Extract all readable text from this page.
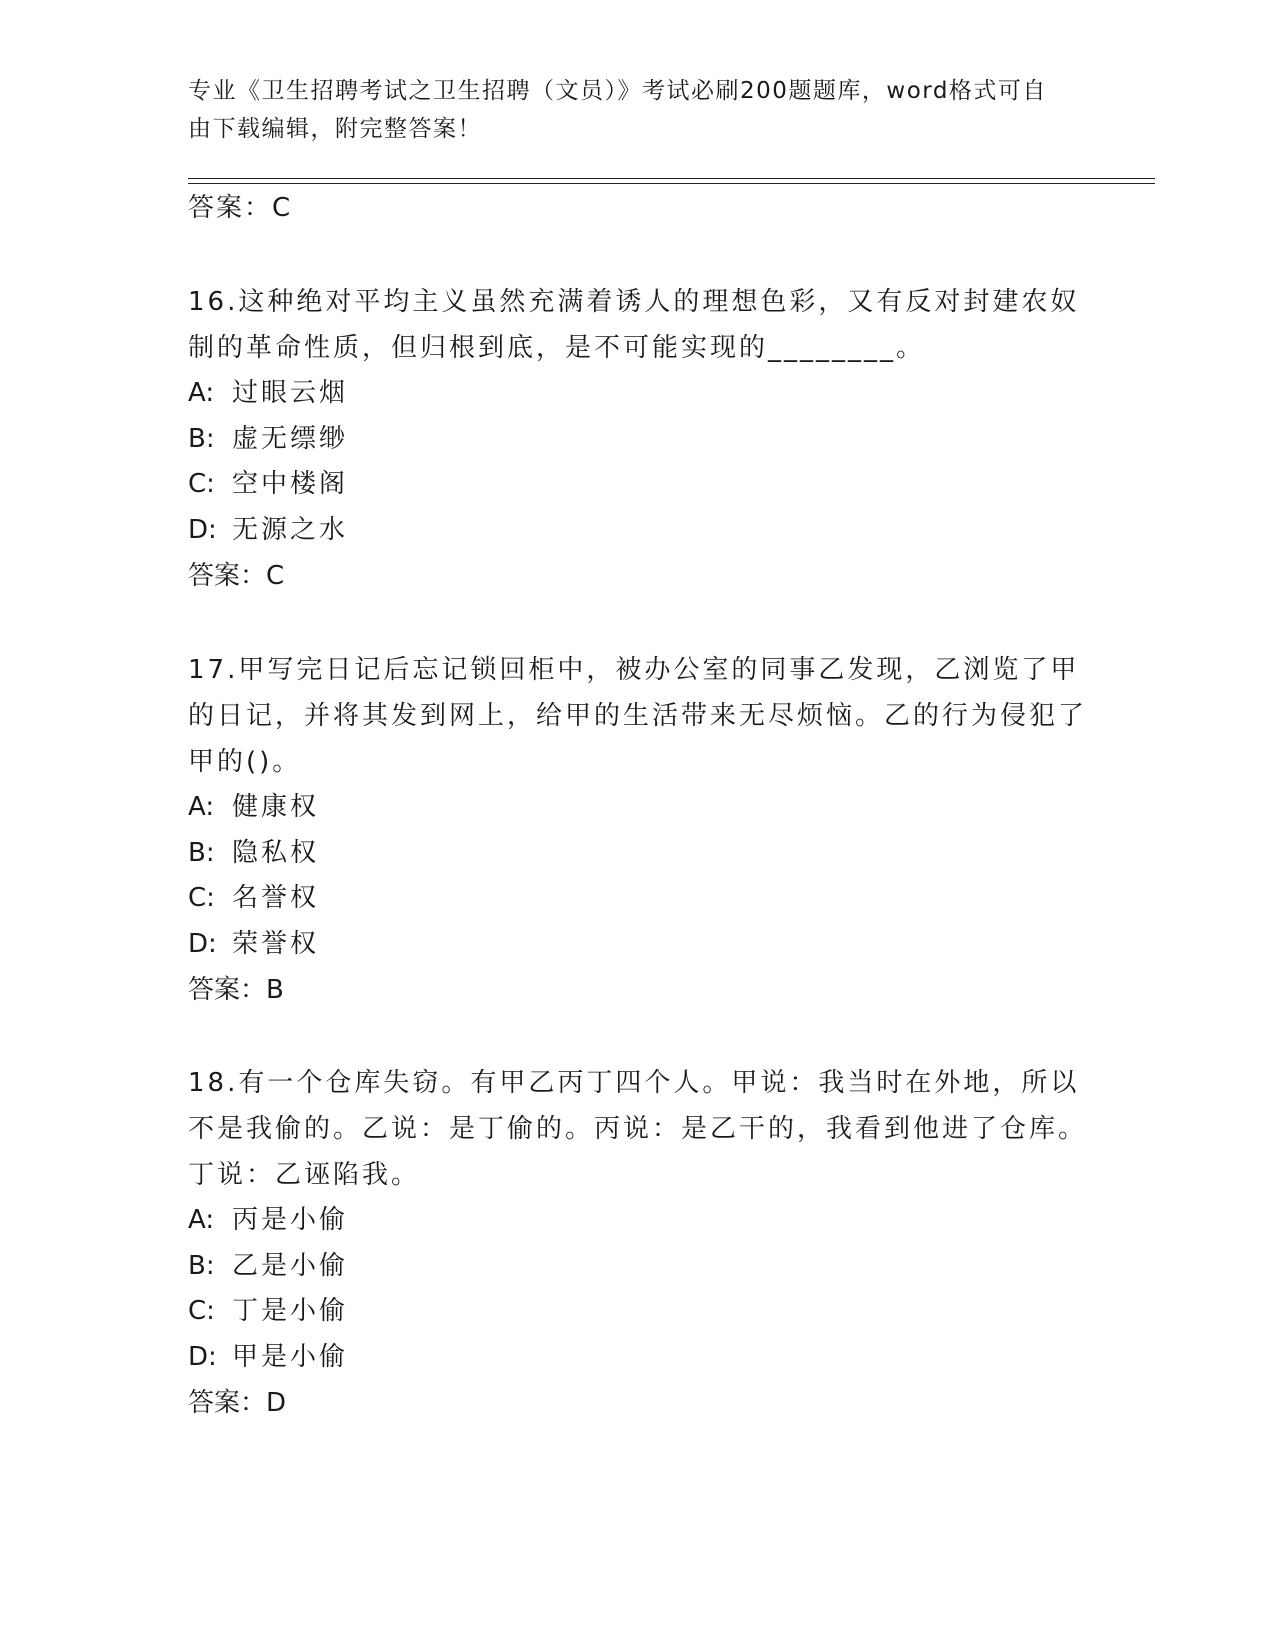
专业《卫生招聘考试之卫生招聘（文员）》考试必刷200题题库，word格式可自由下载编辑，附完整答案！

答案：C

16.这种绝对平均主义虽然充满着诱人的理想色彩，又有反对封建农奴制的革命性质，但归根到底，是不可能实现的________。

A: 过眼云烟

B: 虚无缥缈

C: 空中楼阁

D: 无源之水

答案：C

17.甲写完日记后忘记锁回柜中，被办公室的同事乙发现，乙浏览了甲的日记，并将其发到网上，给甲的生活带来无尽烦恼。乙的行为侵犯了甲的()。

A: 健康权

B: 隐私权

C: 名誉权

D: 荣誉权

答案：B

18.有一个仓库失窃。有甲乙丙丁四个人。甲说：我当时在外地，所以不是我偷的。乙说：是丁偷的。丙说：是乙干的，我看到他进了仓库。丁说：乙诬陷我。

A: 丙是小偷

B: 乙是小偷

C: 丁是小偷

D: 甲是小偷

答案：D
